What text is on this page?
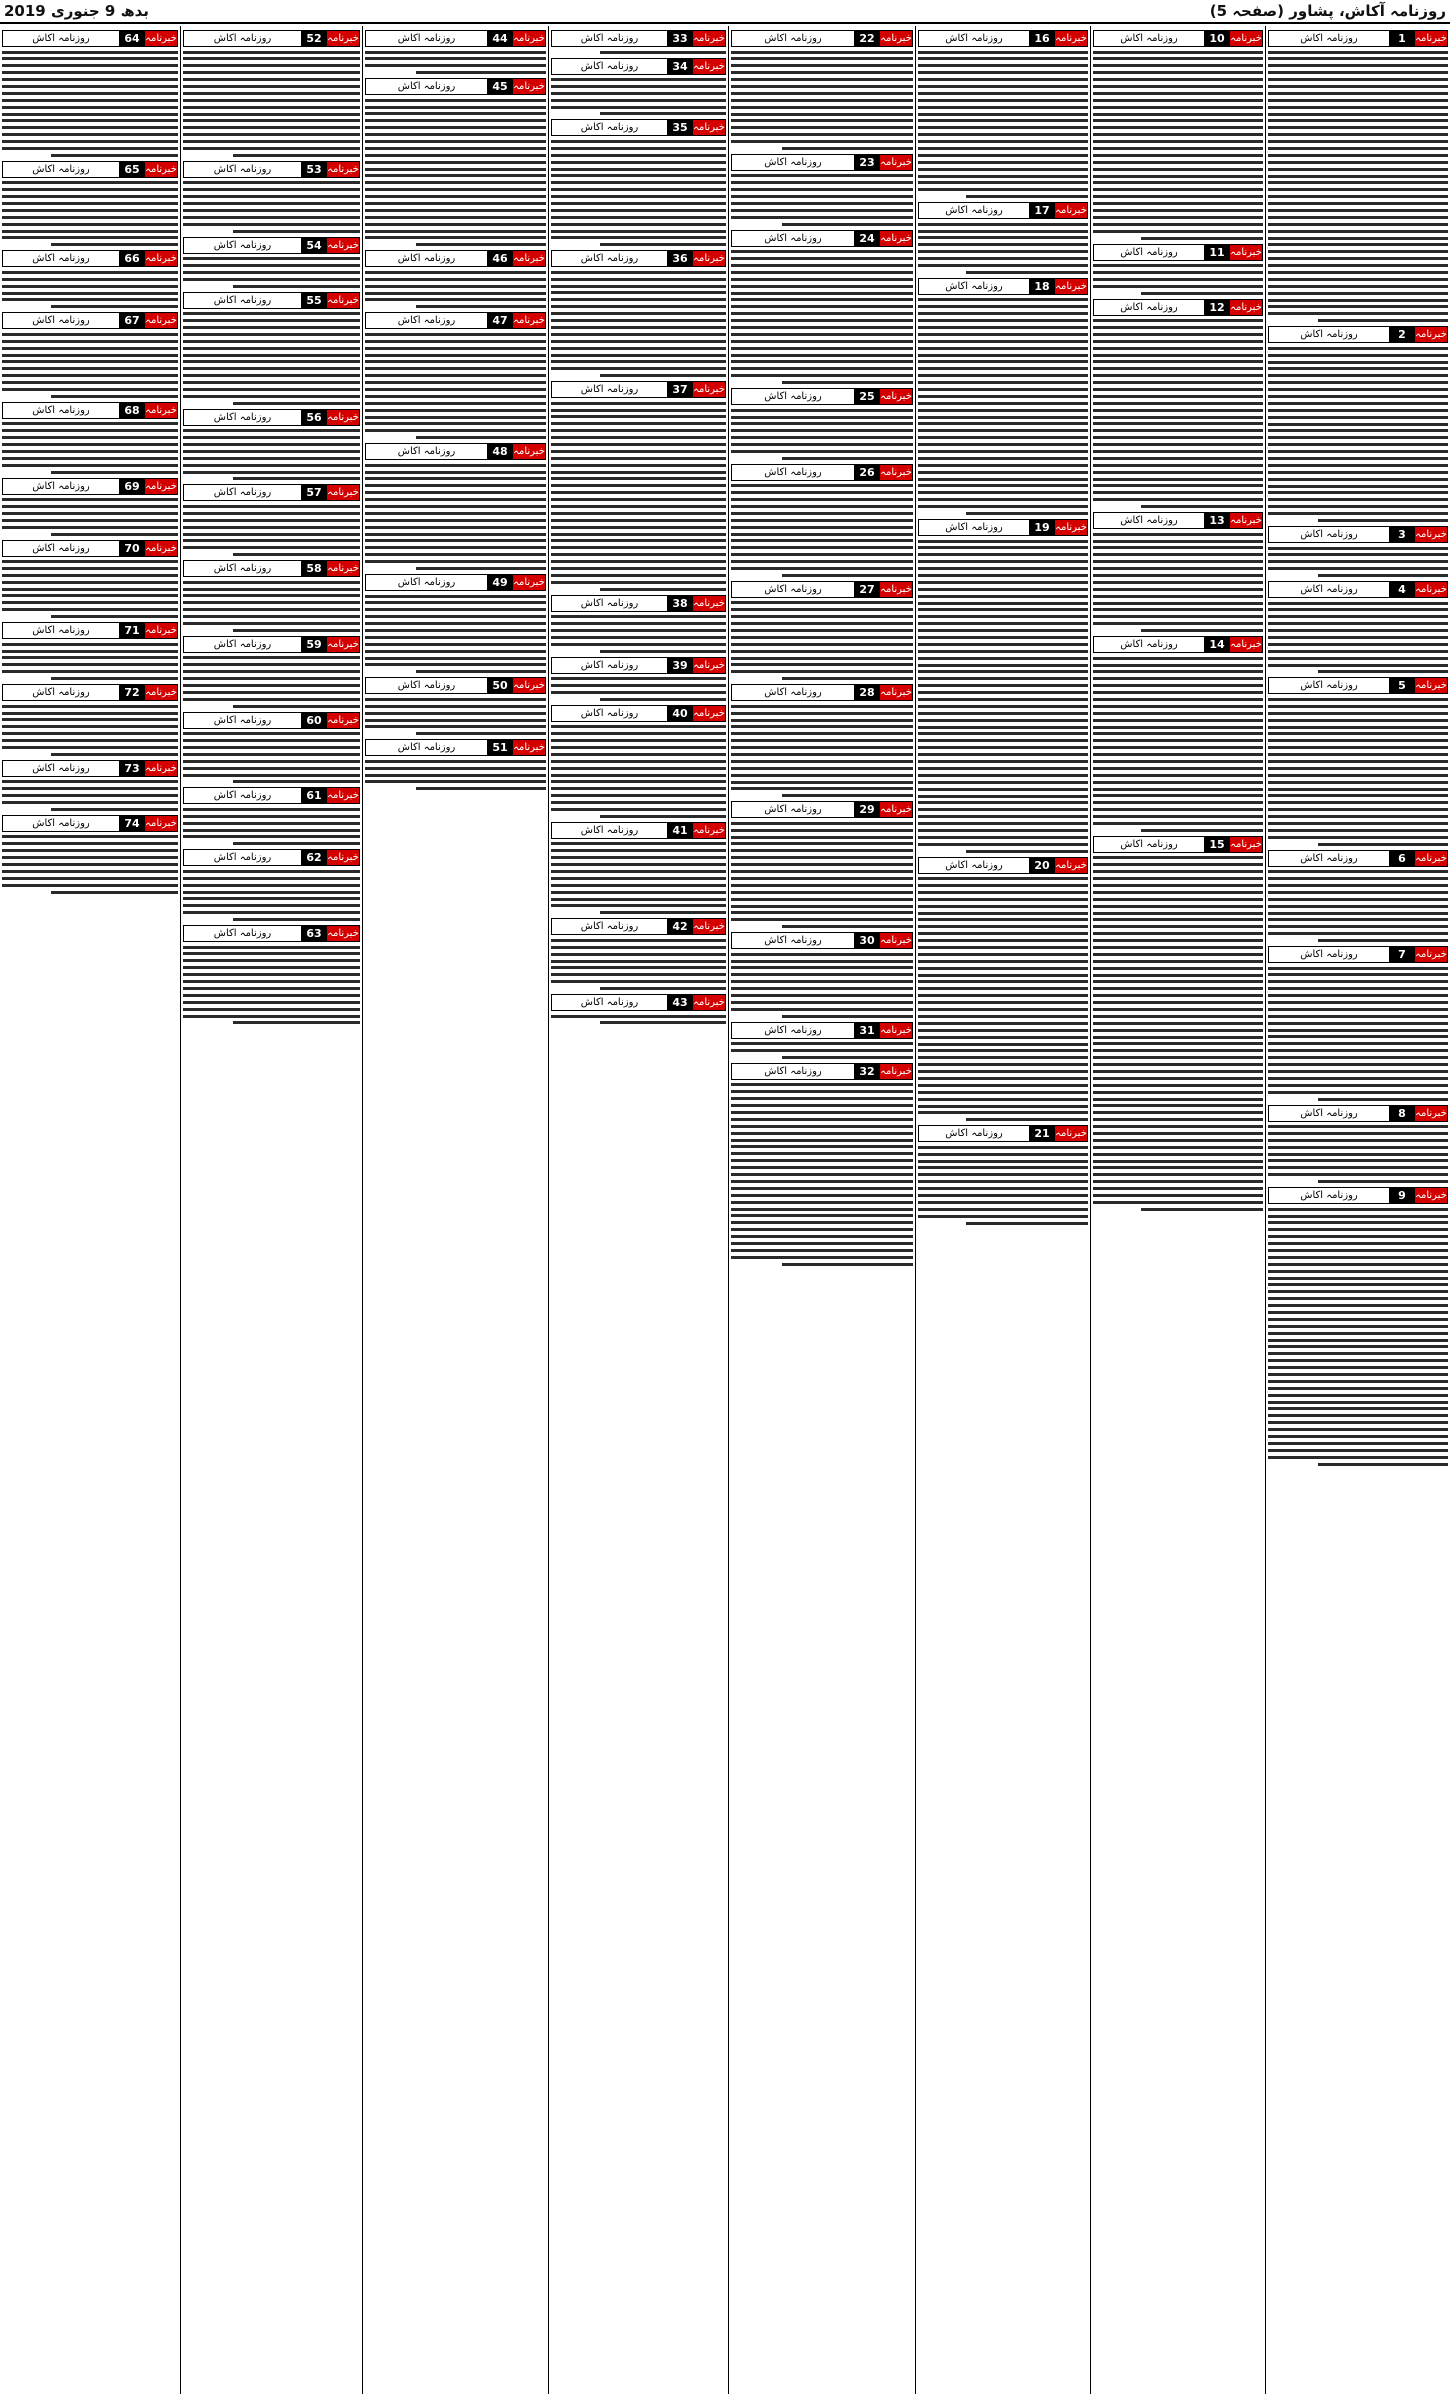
بدھ 9 جنوری 2019	روزنامہ آکاش، پشاور (صفحہ 5)
روزنامہ اکاش	1 خبرنامہ
روزنامہ اکاش	2 خبرنامہ
روزنامہ اکاش	3 خبرنامہ
روزنامہ اکاش	4 خبرنامہ
روزنامہ اکاش	5 خبرنامہ
روزنامہ اکاش	6 خبرنامہ
روزنامہ اکاش	7 خبرنامہ
روزنامہ اکاش	8 خبرنامہ
روزنامہ اکاش	9 خبرنامہ
روزنامہ اکاش	10 خبرنامہ
روزنامہ اکاش	11 خبرنامہ
روزنامہ اکاش	12 خبرنامہ
روزنامہ اکاش	13 خبرنامہ
روزنامہ اکاش	14 خبرنامہ
روزنامہ اکاش	15 خبرنامہ
روزنامہ اکاش	16 خبرنامہ
روزنامہ اکاش	17 خبرنامہ
روزنامہ اکاش	18 خبرنامہ
روزنامہ اکاش	19 خبرنامہ
روزنامہ اکاش	20 خبرنامہ
روزنامہ اکاش	21 خبرنامہ
روزنامہ اکاش	22 خبرنامہ
روزنامہ اکاش	23 خبرنامہ
روزنامہ اکاش	24 خبرنامہ
روزنامہ اکاش	25 خبرنامہ
روزنامہ اکاش	26 خبرنامہ
روزنامہ اکاش	27 خبرنامہ
روزنامہ اکاش	28 خبرنامہ
روزنامہ اکاش	29 خبرنامہ
روزنامہ اکاش	30 خبرنامہ
روزنامہ اکاش	31 خبرنامہ
روزنامہ اکاش	32 خبرنامہ
روزنامہ اکاش	33 خبرنامہ
روزنامہ اکاش	34 خبرنامہ
روزنامہ اکاش	35 خبرنامہ
روزنامہ اکاش	36 خبرنامہ
روزنامہ اکاش	37 خبرنامہ
روزنامہ اکاش	38 خبرنامہ
روزنامہ اکاش	39 خبرنامہ
روزنامہ اکاش	40 خبرنامہ
روزنامہ اکاش	41 خبرنامہ
روزنامہ اکاش	42 خبرنامہ
روزنامہ اکاش	43 خبرنامہ
روزنامہ اکاش	44 خبرنامہ
روزنامہ اکاش	45 خبرنامہ
روزنامہ اکاش	46 خبرنامہ
روزنامہ اکاش	47 خبرنامہ
روزنامہ اکاش	48 خبرنامہ
روزنامہ اکاش	49 خبرنامہ
روزنامہ اکاش	50 خبرنامہ
روزنامہ اکاش	51 خبرنامہ
روزنامہ اکاش	52 خبرنامہ
روزنامہ اکاش	53 خبرنامہ
روزنامہ اکاش	54 خبرنامہ
روزنامہ اکاش	55 خبرنامہ
روزنامہ اکاش	56 خبرنامہ
روزنامہ اکاش	57 خبرنامہ
روزنامہ اکاش	58 خبرنامہ
روزنامہ اکاش	59 خبرنامہ
روزنامہ اکاش	60 خبرنامہ
روزنامہ اکاش	61 خبرنامہ
روزنامہ اکاش	62 خبرنامہ
روزنامہ اکاش	63 خبرنامہ
روزنامہ اکاش	64 خبرنامہ
روزنامہ اکاش	65 خبرنامہ
روزنامہ اکاش	66 خبرنامہ
روزنامہ اکاش	67 خبرنامہ
روزنامہ اکاش	68 خبرنامہ
روزنامہ اکاش	69 خبرنامہ
روزنامہ اکاش	70 خبرنامہ
روزنامہ اکاش	71 خبرنامہ
روزنامہ اکاش	72 خبرنامہ
روزنامہ اکاش	73 خبرنامہ
روزنامہ اکاش	74 خبرنامہ
